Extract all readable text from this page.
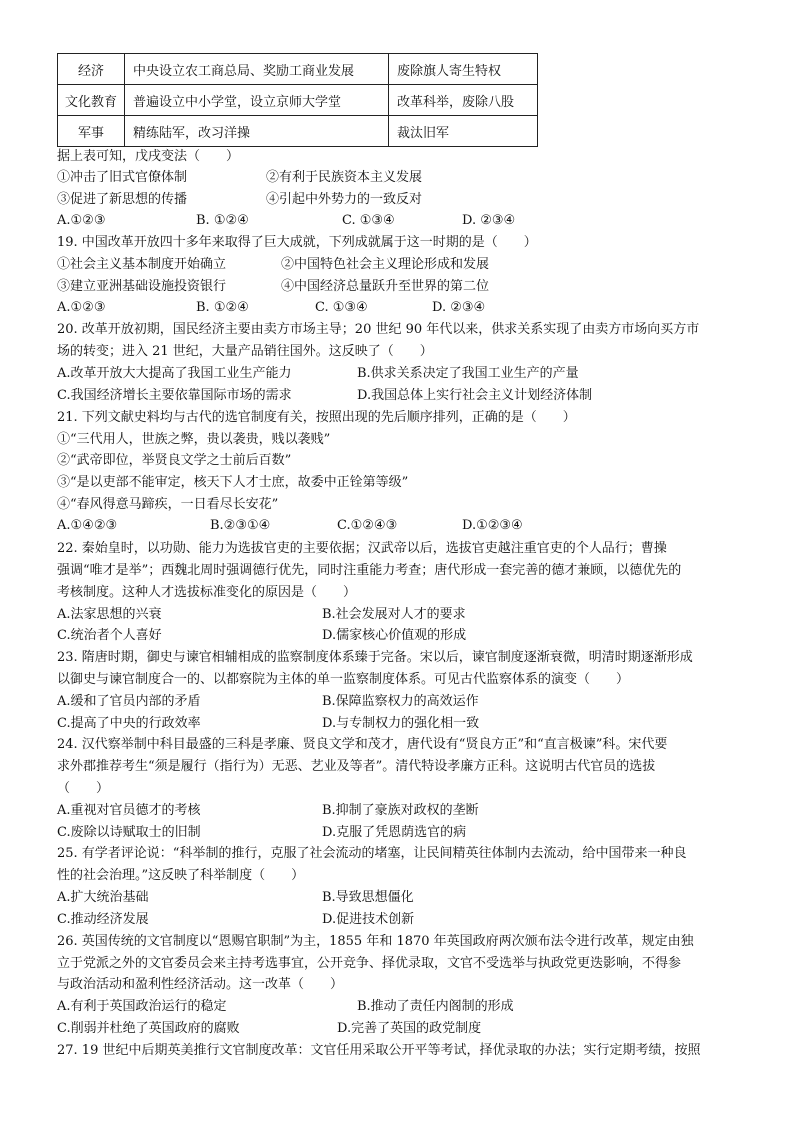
经济	中央设立农工商总局、奖励工商业发展	废除旗人寄生特权
文化教育	普遍设立中小学堂，设立京师大学堂	改革科举，废除八股
军事	精练陆军，改习洋操	裁汰旧军
据上表可知，戊戌变法（　　）
①冲击了旧式官僚体制	②有利于民族资本主义发展
③促进了新思想的传播	④引起中外势力的一致反对
A.①②③	B. ①②④	C. ①③④	D. ②③④
19. 中国改革开放四十多年来取得了巨大成就，下列成就属于这一时期的是（　　）
①社会主义基本制度开始确立	②中国特色社会主义理论形成和发展
③建立亚洲基础设施投资银行	④中国经济总量跃升至世界的第二位
A.①②③	B. ①②④	C. ①③④	D. ②③④
20. 改革开放初期，国民经济主要由卖方市场主导；20 世纪 90 年代以来，供求关系实现了由卖方市场向买方市
场的转变；进入 21 世纪，大量产品销往国外。这反映了（　　）
A.改革开放大大提高了我国工业生产能力	B.供求关系决定了我国工业生产的产量
C.我国经济增长主要依靠国际市场的需求	D.我国总体上实行社会主义计划经济体制
21. 下列文献史料均与古代的选官制度有关，按照出现的先后顺序排列，正确的是（　　）
①“三代用人，世族之弊，贵以袭贵，贱以袭贱”
②“武帝即位，举贤良文学之士前后百数”
③“是以吏部不能审定，核天下人才士庶，故委中正铨第等级”
④“春风得意马蹄疾，一日看尽长安花”
A.①④②③	B.②③①④	C.①②④③	D.①②③④
22. 秦始皇时，以功勋、能力为选拔官吏的主要依据；汉武帝以后，选拔官吏越注重官吏的个人品行；曹操
强调“唯才是举”；西魏北周时强调德行优先，同时注重能力考查；唐代形成一套完善的德才兼顾，以德优先的
考核制度。这种人才选拔标准变化的原因是（　　）
A.法家思想的兴衰	B.社会发展对人才的要求
C.统治者个人喜好	D.儒家核心价值观的形成
23. 隋唐时期，御史与谏官相辅相成的监察制度体系臻于完备。宋以后，谏官制度逐渐衰微，明清时期逐渐形成
以御史与谏官制度合一的、以都察院为主体的单一监察制度体系。可见古代监察体系的演变（　　）
A.缓和了官员内部的矛盾	B.保障监察权力的高效运作
C.提高了中央的行政效率	D.与专制权力的强化相一致
24. 汉代察举制中科目最盛的三科是孝廉、贤良文学和茂才，唐代设有“贤良方正”和“直言极谏”科。宋代要
求外郡推荐考生“须是履行（指行为）无恶、艺业及等者”。清代特设孝廉方正科。这说明古代官员的选拔
（　　）
A.重视对官员德才的考核	B.抑制了豪族对政权的垄断
C.废除以诗赋取士的旧制	D.克服了凭恩荫选官的病
25. 有学者评论说：“科举制的推行，克服了社会流动的堵塞，让民间精英往体制内去流动，给中国带来一种良
性的社会治理。”这反映了科举制度（　　）
A.扩大统治基础	B.导致思想僵化
C.推动经济发展	D.促进技术创新
26. 英国传统的文官制度以“恩赐官职制”为主，1855 年和 1870 年英国政府两次颁布法令进行改革，规定由独
立于党派之外的文官委员会来主持考选事宜，公开竞争、择优录取，文官不受选举与执政党更迭影响，不得参
与政治活动和盈利性经济活动。这一改革（　　）
A.有利于英国政治运行的稳定	B.推动了责任内阁制的形成
C.削弱并杜绝了英国政府的腐败	D.完善了英国的政党制度
27. 19 世纪中后期英美推行文官制度改革：文官任用采取公开平等考试，择优录取的办法；实行定期考绩，按照
